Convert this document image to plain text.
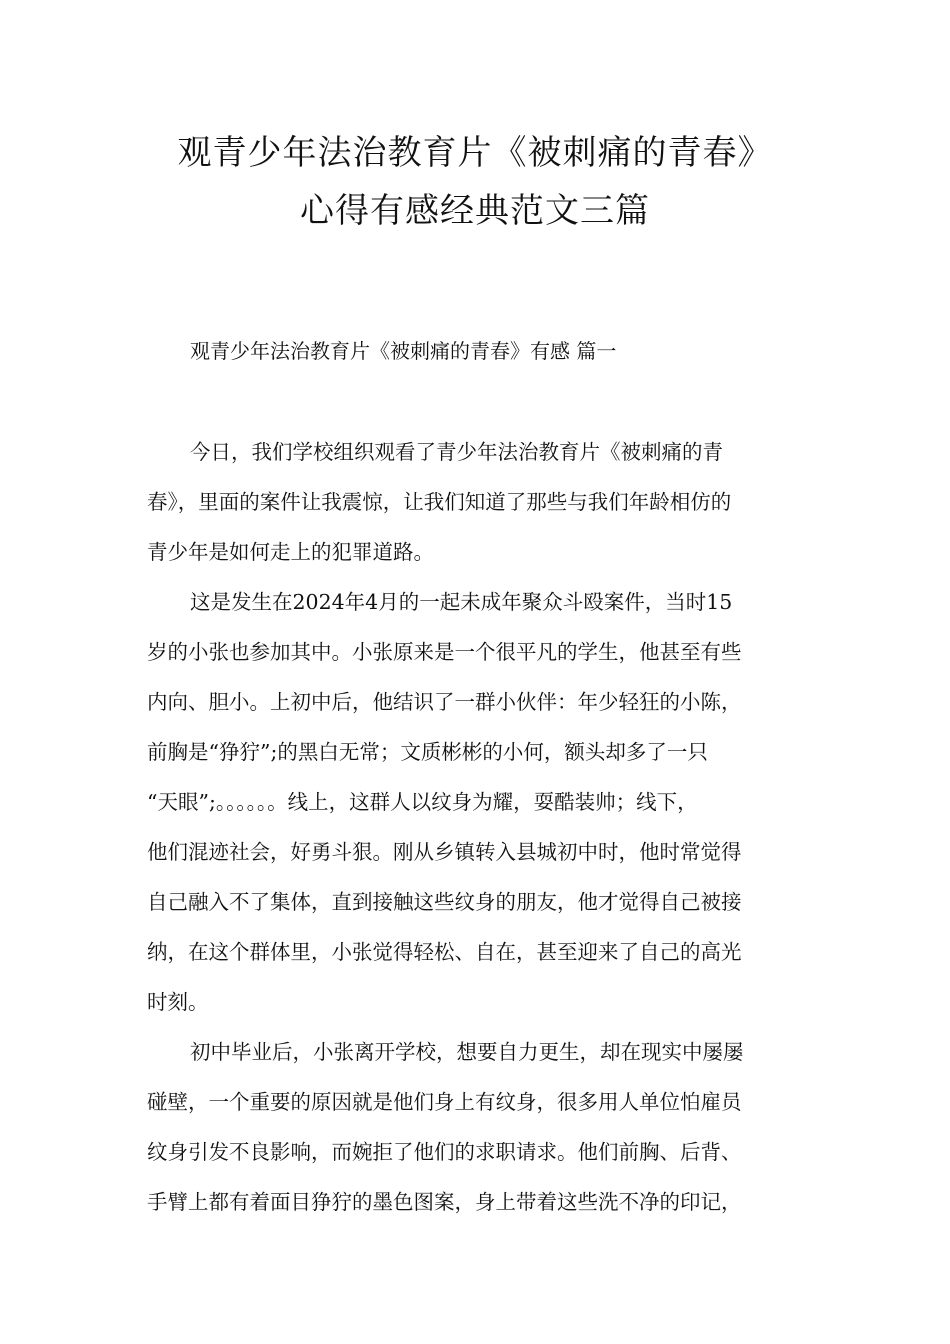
观青少年法治教育片《被刺痛的青春》
心得有感经典范文三篇
观青少年法治教育片《被刺痛的青春》有感 篇一
今日，我们学校组织观看了青少年法治教育片《被刺痛的青
春》，里面的案件让我震惊，让我们知道了那些与我们年龄相仿的
青少年是如何走上的犯罪道路。
这是发生在2024年4月的一起未成年聚众斗殴案件，当时15
岁的小张也参加其中。小张原来是一个很平凡的学生，他甚至有些
内向、胆小。上初中后，他结识了一群小伙伴：年少轻狂的小陈，
前胸是“狰狞”;的黑白无常；文质彬彬的小何，额头却多了一只
“天眼”;。。。。。。线上，这群人以纹身为耀，耍酷装帅；线下，
他们混迹社会，好勇斗狠。刚从乡镇转入县城初中时，他时常觉得
自己融入不了集体，直到接触这些纹身的朋友，他才觉得自己被接
纳，在这个群体里，小张觉得轻松、自在，甚至迎来了自己的高光
时刻。
初中毕业后，小张离开学校，想要自力更生，却在现实中屡屡
碰壁，一个重要的原因就是他们身上有纹身，很多用人单位怕雇员
纹身引发不良影响，而婉拒了他们的求职请求。他们前胸、后背、
手臂上都有着面目狰狞的墨色图案，身上带着这些洗不净的印记，
